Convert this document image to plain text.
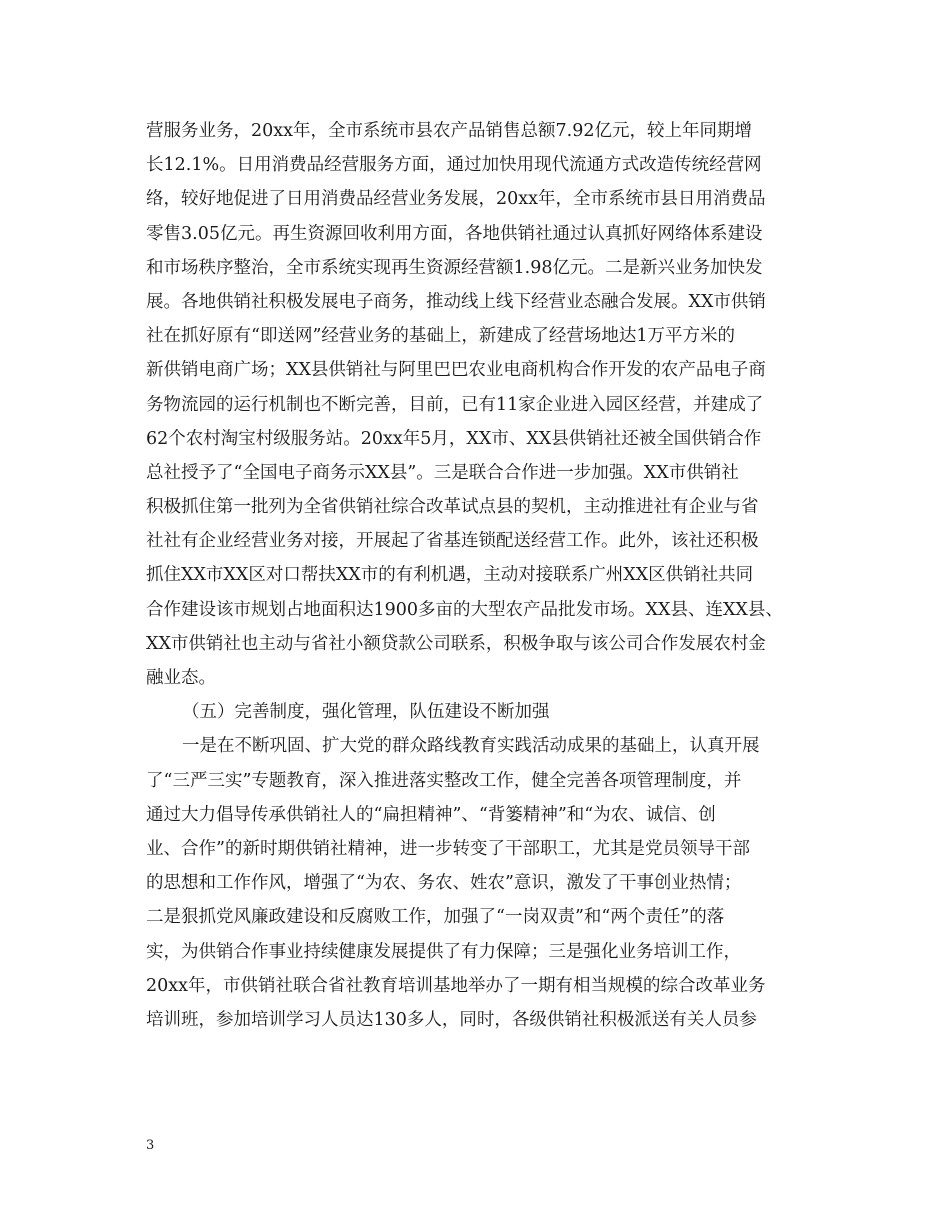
营服务业务，20xx年，全市系统市县农产品销售总额7.92亿元，较上年同期增
长12.1%。日用消费品经营服务方面，通过加快用现代流通方式改造传统经营网
络，较好地促进了日用消费品经营业务发展，20xx年，全市系统市县日用消费品
零售3.05亿元。再生资源回收利用方面，各地供销社通过认真抓好网络体系建设
和市场秩序整治，全市系统实现再生资源经营额1.98亿元。二是新兴业务加快发
展。各地供销社积极发展电子商务，推动线上线下经营业态融合发展。XX市供销
社在抓好原有“即送网”经营业务的基础上，新建成了经营场地达1万平方米的
新供销电商广场；XX县供销社与阿里巴巴农业电商机构合作开发的农产品电子商
务物流园的运行机制也不断完善，目前，已有11家企业进入园区经营，并建成了
62个农村淘宝村级服务站。20xx年5月，XX市、XX县供销社还被全国供销合作
总社授予了“全国电子商务示XX县”。三是联合合作进一步加强。XX市供销社
积极抓住第一批列为全省供销社综合改革试点县的契机，主动推进社有企业与省
社社有企业经营业务对接，开展起了省基连锁配送经营工作。此外，该社还积极
抓住XX市XX区对口帮扶XX市的有利机遇，主动对接联系广州XX区供销社共同
合作建设该市规划占地面积达1900多亩的大型农产品批发市场。XX县、连XX县、
XX市供销社也主动与省社小额贷款公司联系，积极争取与该公司合作发展农村金
融业态。
（五）完善制度，强化管理，队伍建设不断加强
一是在不断巩固、扩大党的群众路线教育实践活动成果的基础上，认真开展
了“三严三实”专题教育，深入推进落实整改工作，健全完善各项管理制度，并
通过大力倡导传承供销社人的“扁担精神”、“背篓精神”和“为农、诚信、创
业、合作”的新时期供销社精神，进一步转变了干部职工，尤其是党员领导干部
的思想和工作作风，增强了“为农、务农、姓农”意识，激发了干事创业热情；
二是狠抓党风廉政建设和反腐败工作，加强了“一岗双责”和“两个责任”的落
实，为供销合作事业持续健康发展提供了有力保障；三是强化业务培训工作，
20xx年，市供销社联合省社教育培训基地举办了一期有相当规模的综合改革业务
培训班，参加培训学习人员达130多人，同时，各级供销社积极派送有关人员参
3
